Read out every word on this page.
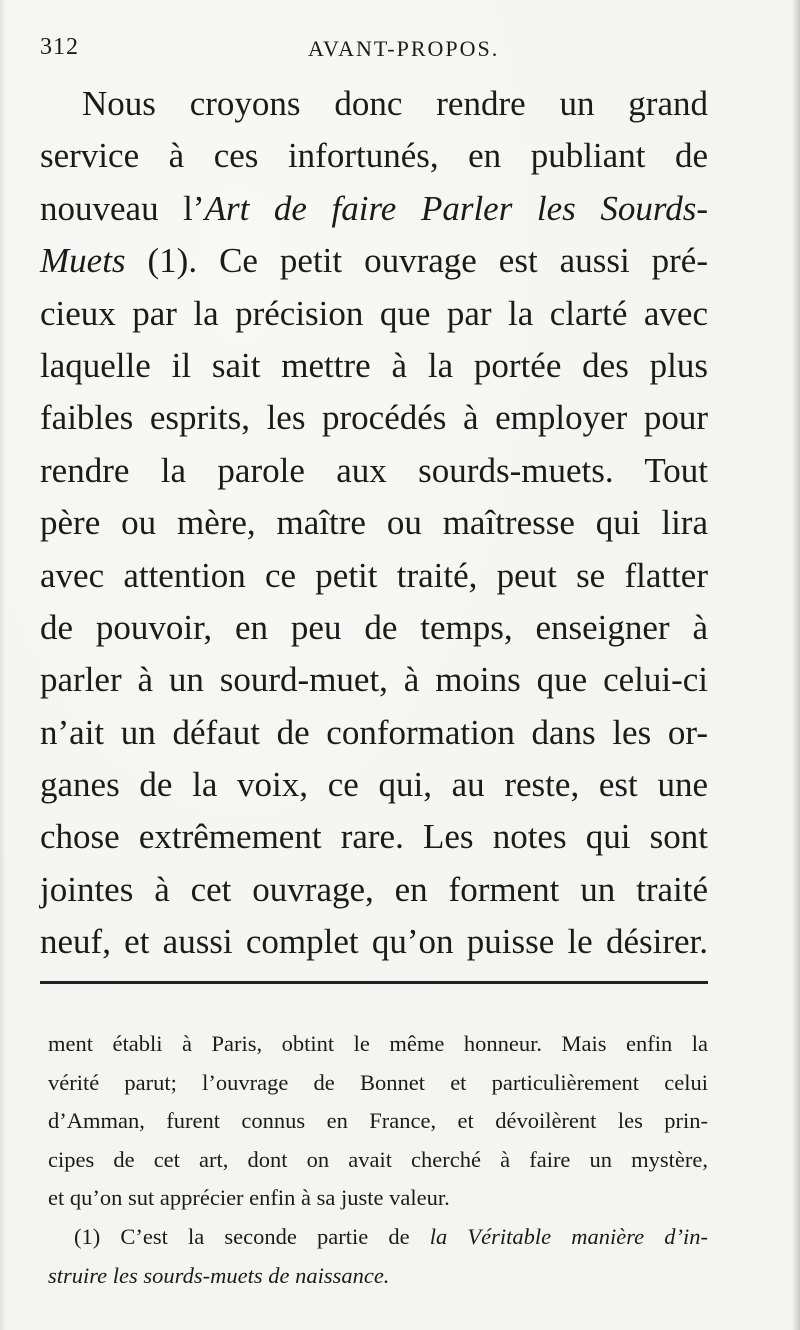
312	AVANT-PROPOS.
Nous croyons donc rendre un grand
service à ces infortunés, en publiant de
nouveau l’Art de faire Parler les Sourds-
Muets (1). Ce petit ouvrage est aussi pré-
cieux par la précision que par la clarté avec
laquelle il sait mettre à la portée des plus
faibles esprits, les procédés à employer pour
rendre la parole aux sourds-muets. Tout
père ou mère, maître ou maîtresse qui lira
avec attention ce petit traité, peut se flatter
de pouvoir, en peu de temps, enseigner à
parler à un sourd-muet, à moins que celui-ci
n’ait un défaut de conformation dans les or-
ganes de la voix, ce qui, au reste, est une
chose extrêmement rare. Les notes qui sont
jointes à cet ouvrage, en forment un traité
neuf, et aussi complet qu’on puisse le désirer.
ment établi à Paris, obtint le même honneur. Mais enfin la
vérité parut; l’ouvrage de Bonnet et particulièrement celui
d’Amman, furent connus en France, et dévoilèrent les prin-
cipes de cet art, dont on avait cherché à faire un mystère,
et qu’on sut apprécier enfin à sa juste valeur.
(1) C’est la seconde partie de la Véritable manière d’in-
struire les sourds-muets de naissance.
